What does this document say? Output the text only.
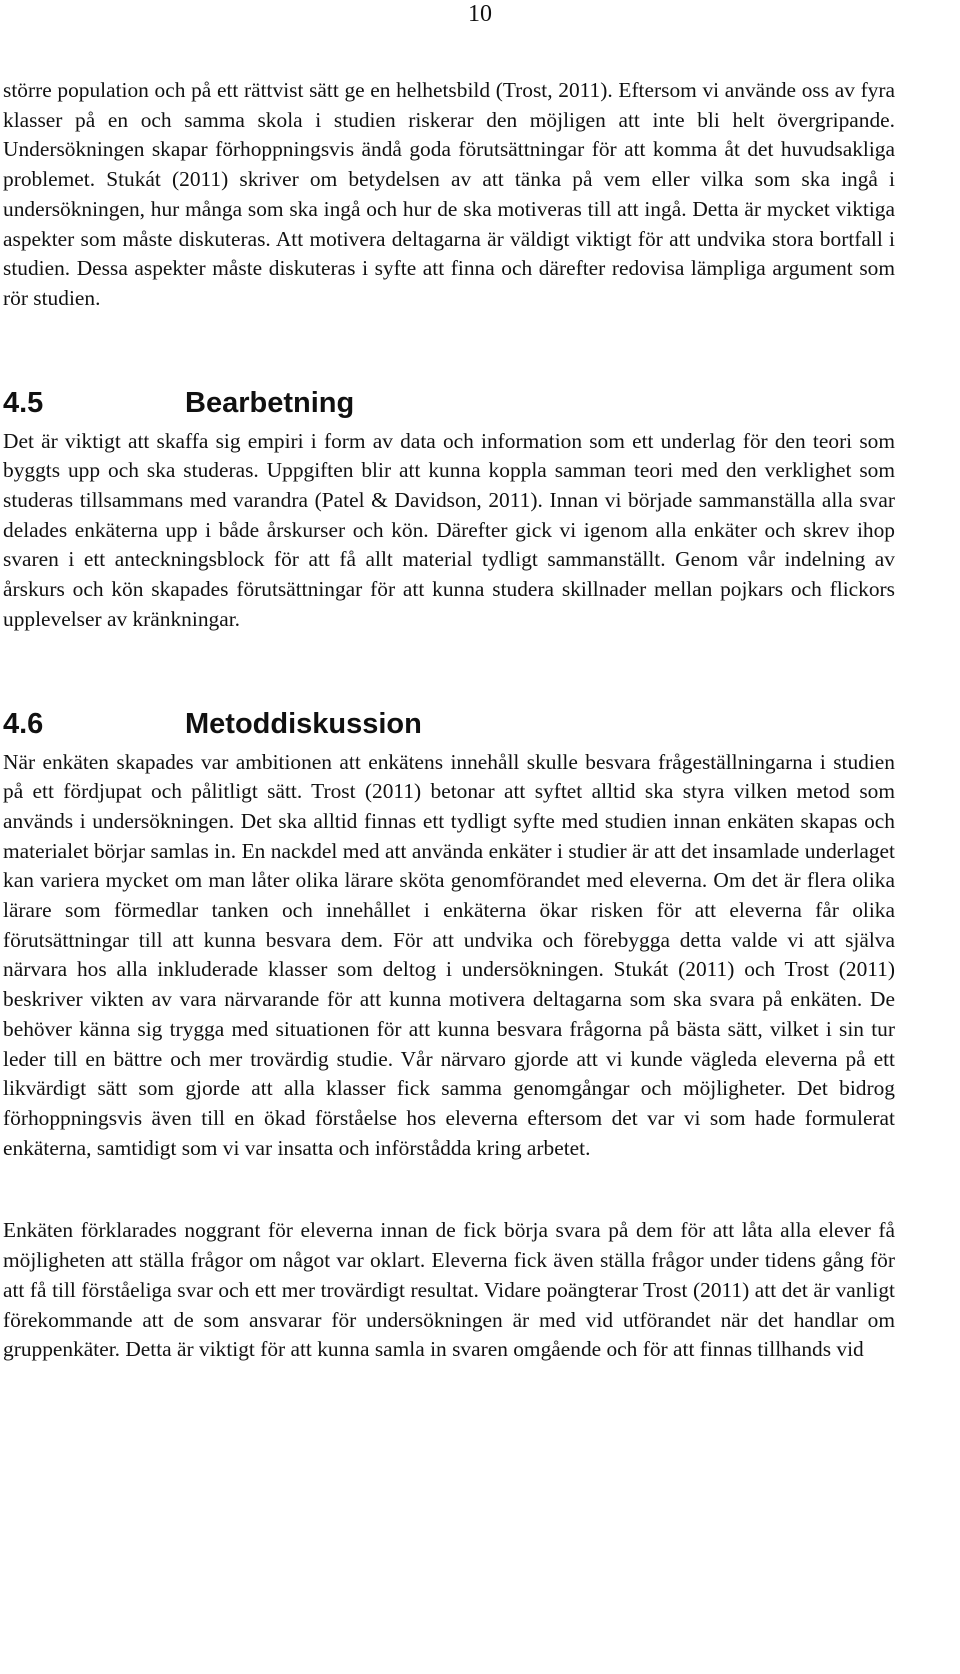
10

större population och på ett rättvist sätt ge en helhetsbild (Trost, 2011). Eftersom vi använde oss av fyra klasser på en och samma skola i studien riskerar den möjligen att inte bli helt övergripande. Undersökningen skapar förhoppningsvis ändå goda förutsättningar för att komma åt det huvudsakliga problemet. Stukát (2011) skriver om betydelsen av att tänka på vem eller vilka som ska ingå i undersökningen, hur många som ska ingå och hur de ska motiveras till att ingå. Detta är mycket viktiga aspekter som måste diskuteras. Att motivera deltagarna är väldigt viktigt för att undvika stora bortfall i studien. Dessa aspekter måste diskuteras i syfte att finna och därefter redovisa lämpliga argument som rör studien.

4.5	Bearbetning

Det är viktigt att skaffa sig empiri i form av data och information som ett underlag för den teori som byggts upp och ska studeras. Uppgiften blir att kunna koppla samman teori med den verklighet som studeras tillsammans med varandra (Patel & Davidson, 2011). Innan vi började sammanställa alla svar delades enkäterna upp i både årskurser och kön. Därefter gick vi igenom alla enkäter och skrev ihop svaren i ett anteckningsblock för att få allt material tydligt sammanställt. Genom vår indelning av årskurs och kön skapades förutsättningar för att kunna studera skillnader mellan pojkars och flickors upplevelser av kränkningar.

4.6	Metoddiskussion

När enkäten skapades var ambitionen att enkätens innehåll skulle besvara frågeställningarna i studien på ett fördjupat och pålitligt sätt. Trost (2011) betonar att syftet alltid ska styra vilken metod som används i undersökningen. Det ska alltid finnas ett tydligt syfte med studien innan enkäten skapas och materialet börjar samlas in. En nackdel med att använda enkäter i studier är att det insamlade underlaget kan variera mycket om man låter olika lärare sköta genomförandet med eleverna. Om det är flera olika lärare som förmedlar tanken och innehållet i enkäterna ökar risken för att eleverna får olika förutsättningar till att kunna besvara dem. För att undvika och förebygga detta valde vi att själva närvara hos alla inkluderade klasser som deltog i undersökningen. Stukát (2011) och Trost (2011) beskriver vikten av vara närvarande för att kunna motivera deltagarna som ska svara på enkäten. De behöver känna sig trygga med situationen för att kunna besvara frågorna på bästa sätt, vilket i sin tur leder till en bättre och mer trovärdig studie. Vår närvaro gjorde att vi kunde vägleda eleverna på ett likvärdigt sätt som gjorde att alla klasser fick samma genomgångar och möjligheter. Det bidrog förhoppningsvis även till en ökad förståelse hos eleverna eftersom det var vi som hade formulerat enkäterna, samtidigt som vi var insatta och införstådda kring arbetet.

Enkäten förklarades noggrant för eleverna innan de fick börja svara på dem för att låta alla elever få möjligheten att ställa frågor om något var oklart. Eleverna fick även ställa frågor under tidens gång för att få till förståeliga svar och ett mer trovärdigt resultat. Vidare poängterar Trost (2011) att det är vanligt förekommande att de som ansvarar för undersökningen är med vid utförandet när det handlar om gruppenkäter. Detta är viktigt för att kunna samla in svaren omgående och för att finnas tillhands vid
